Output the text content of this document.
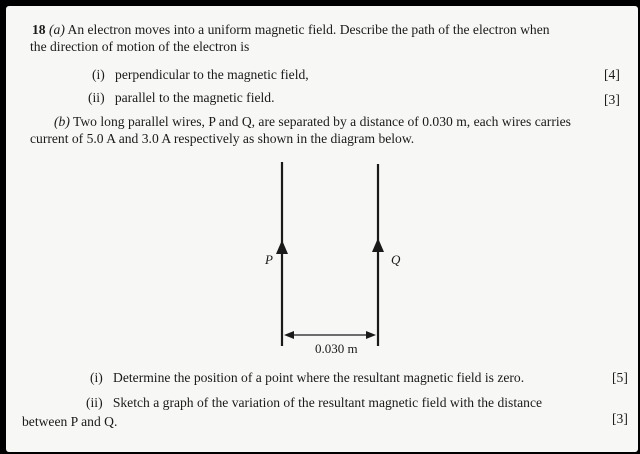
18 (a) An electron moves into a uniform magnetic field. Describe the path of the electron when
the direction of motion of the electron is
(i) perpendicular to the magnetic field,	[4]
(ii) parallel to the magnetic field.	[3]
(b) Two long parallel wires, P and Q, are separated by a distance of 0.030 m, each wires carries
current of 5.0 A and 3.0 A respectively as shown in the diagram below.
P	Q
0.030 m
(i) Determine the position of a point where the resultant magnetic field is zero.	[5]
(ii) Sketch a graph of the variation of the resultant magnetic field with the distance
between P and Q.	[3]
